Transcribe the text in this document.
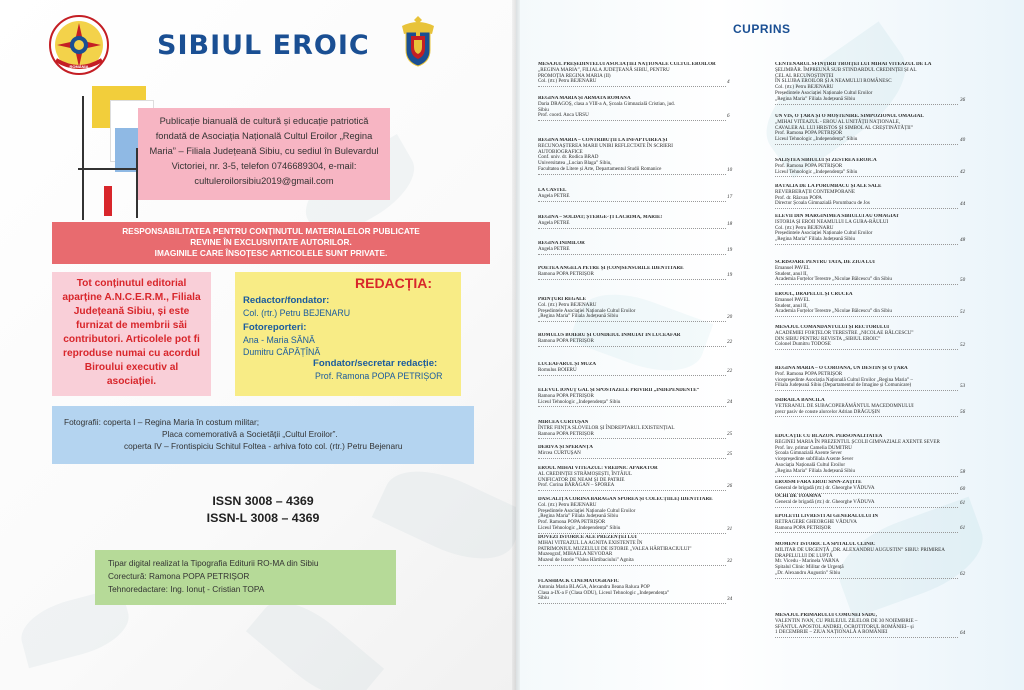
ROMÂNIA
SIBIUL EROIC

Publicație bianuală de cultură și educație patriotică fondată de Asociația Națională Cultul Eroilor „Regina Maria” – Filiala Județeană Sibiu, cu sediul în Bulevardul Victoriei, nr. 3-5, telefon 0746689304, e-mail: cultuleroilorsibiu2019@gmail.com

RESPONSABILITATEA PENTRU CONȚINUTUL MATERIALELOR PUBLICATE
REVINE ÎN EXCLUSIVITATE AUTORILOR.
IMAGINILE CARE ÎNSOȚESC ARTICOLELE SUNT PRIVATE.

Tot conținutul editorial aparține A.N.C.E.R.M., Filiala Județeană Sibiu, și este furnizat de membrii săi contributori. Articolele pot fi reproduse numai cu acordul Biroului executiv al asociației.

REDACȚIA:
Redactor/fondator:
Col. (rtr.) Petru BEJENARU
Fotoreporteri:
Ana - Maria SĂNĂ
Dumitru CĂPĂȚÎNĂ
Fondator/secretar redacție:
Prof. Ramona POPA PETRIȘOR

Fotografii: coperta I – Regina Maria în costum militar;

Placa comemorativă a Societății „Cultul Eroilor”.

coperta IV – Frontispiciu Schitul Foltea - arhiva foto col. (rtr.) Petru Bejenaru

ISSN 3008 – 4369
ISSN-L 3008 – 4369

Tipar digital realizat la Tipografia Editurii RO-MA din Sibiu

Corectură: Ramona POPA PETRIȘOR

Tehnoredactare: Ing. Ionuț - Cristian TOPA

CUPRINS
MESAJUL PREȘEDINTELUI ASOCIAȚIEI NAȚIONALE CULTUL EROILOR
„REGINA MARIA”, FILIALA JUDEȚEANĂ SIBIU, PENTRU
PROMOȚIA REGINA MARIA (II)
Col. (rtr.) Petru BEJENARU	4
REGINA MARIA ȘI ARMATA ROMÂNĂ
Daria DRAGOȘ, clasa a VIII-a A, Școala Gimnazială Cristian, jud.
Sibiu
Prof. coord. Anca URSU	6
REGINA MARIA – CONTRIBUȚII LA ÎNFĂPTUIREA ȘI
RECUNOAȘTEREA MARII UNIRI REFLECTATE ÎN SCRIERI
AUTOBIOGRAFICE
Conf. univ. dr. Rodica BRAD
Universitatea „Lucian Blaga” Sibiu,
Facultatea de Litere și Arte, Departamentul Studii Romanice	10
LA CASTEL
Angela PETRE	17
REGINA – SOLDAT; ȘTERGE-ȚI LACRIMA, MARIE!
Angela PETRE	18
REGINA INIMILOR
Angela PETRE	19
POETEA ANGELA PETRE ȘI (CON)SENSURILE IDENTITARE
Ramona POPA PETRIȘOR	19
PRINȚURI REGALE
Col. (rtr.) Petru BEJENARU
Președintele Asociației Naționale Cultul Eroilor
„Regina Maria” Filiala Județeană Sibiu	20
ROMULUS BOIERU ȘI CONDEIUL ÎNMUIAT ÎN LUCEAFĂR
Ramona POPA PETRIȘOR	22
LUCEAFĂRUL ȘI MUZA
Romulus BOIERU	22
ELEVUL IONUȚ GAL ȘI SPOSTAZELE PRIVIRII „INDEPENDENTE”
Ramona POPA PETRIȘOR
Liceul Tehnologic „Independența” Sibiu	24
MIRCEA CURTUȘAN
ÎNTRE FIINȚA SLOVELOR ȘI ÎNDREPTARUL EXISTENȚIAL
Ramona POPA PETRIȘOR	25
DERIVĂ ȘI SPERANȚĂ
Mircea CURTUȘAN	25
EROUL MIHAI VITEAZUL: VREDNIC APĂRĂTOR
AL CREDINȚEI STRĂMOȘEȘTI, ÎNTÂIUL
UNIFICATOR DE NEAM ȘI DE PATRIE
Prof. Corina BĂRĂGAN – SPOREA	26
DĂSCĂLIȚA CORINA BĂRĂGAN SPOREA ȘI COLECȚIILE) IDENTITARE
Col. (rtr.) Petru BEJENARU
Președintele Asociației Naționale Cultul Eroilor
„Regina Maria” Filiala Județeană Sibiu
Prof. Ramona POPA PETRIȘOR
Liceul Tehnologic „Independența” Sibiu	31
DOVEZI ISTORICE ALE PREZENȚEI LUI
MIHAI VITEAZUL LA AGNITA EXISTENTE ÎN
PATRIMONIUL MUZEULUI DE ISTORIE „VALEA HÂRTIBACIULUI”
Muzeograf, MIHAELA NEVODAR
Muzeul de Istorie "Valea Hârtibaciului" Agnita	32
FLASHBACK CINEMATOGRAFIC
Antonia Maria BLAGA, Alexandra Ileana Raluca POP
Clasa a-IX-a F (Clasa ODU), Liceul Tehnologic „Independența”
Sibiu	34
CENTENARUL SFINȚIRII TROIȚEI LUI MIHAI VITEAZUL DE LA
ȘELIMBĂR. ÎMPREUNĂ SUB STINDARDUL CREDINȚEI ȘI AL
CEL AL RECUNOȘTINȚEI
ÎN SLUJBA EROILOR ȘI A NEAMULUI ROMÂNESC
Col. (rtr.) Petru BEJENARU
Președintele Asociației Naționale Cultul Eroilor
„Regina Maria” Filiala Județeană Sibiu	36
UN VIS, O ȚARĂ ȘI O MOȘTENIRE. SIMPOZIONUL OMAGIAL
„MIHAI VITEAZUL - EROU AL UNITĂȚII NAȚIONALE,
CAVALER AL LUI HRISTOS ȘI SIMBOL AL CREȘTINĂTĂȚII”
Prof. Ramona POPA PETRIȘOR
Liceul Tehnologic „Independența” Sibiu	40
SĂLIȘTEA SIBIULUI ȘI ZESTREA EROICĂ
Prof. Ramona POPA PETRIȘOR
Liceul Tehnologic „Independența” Sibiu	42
BĂTĂLIA DE LA PORUMBACU ȘI ALE SALE
REVERBERAȚII CONTEMPORANE
Prof. dr. Răzvan POPA
Director Școala Gimnazială Porumbacu de Jos	44
ELEVII DIN MĂRGINIMEA SIBIULUI AU OMAGIAT
ISTORIA ȘI EROII NEAMULUI LA GURA-RÂULUI
Col. (rtr.) Petru BEJENARU
Președintele Asociației Naționale Cultul Eroilor
„Regina Maria” Filiala Județeană Sibiu	48
SCRISOARE PENTRU TATA, DE ZIUA LUI
Emanuel PAVEL
Student, anul II,
Academia Forțelor Terestre „Nicolae Bălcescu” din Sibiu	50
EROUL, DRAPELUL ȘI CRUCEA
Emanuel PAVEL
Student, anul II,
Academia Forțelor Terestre „Nicolae Bălcescu” din Sibiu	51
MESAJUL COMANDANTULUI ȘI RECTORULUI
ACADEMIEI FORȚELOR TERESTRE „NICOLAE BĂLCESCU”
DIN SIBIU PENTRU REVISTA „SIBIUL EROIC”
Colonel Dumitru TODOSE	52
REGINA MARIA – O COROANĂ, UN DESTIN ȘI O ȚARĂ
Prof. Ramona POPA PETRIȘOR
vicepreședinte Asociația Națională Cultul Eroilor „Regina Maria” –
Filiala Județeană Sibiu (Departamentul de Imagine și Comunicare)	53
ISDRAILĂ BĂNCILĂ
VETERANUL DE SUBACOPERĂMÂNTUL MACEDOMNULUI
prezr pasiv de conste alorcelor Adrian DRĂGUȘIN	56
EDUCAȚIE CU BLAZON. PERSONALITATEA
REGINEI MARIA ÎN PREZENTUL ȘCOLII GIMNAZIALE AXENTE SEVER
Prof. înv. primar Camelia DUMITRU
Școala Gimnazială Axente Sever
vicepreședinte subfiliala Axente Sever
Asociația Națională Cultul Eroilor
„Regina Maria” Filiala Județeană Sibiu	58
EROISM FĂRĂ EROI! SINN-ZĂȚITE
General de brigadă (rtr.) dr. Gheorghe VĂDUVA	60
OCHI DE TOAMNĂ
General de brigadă (rtr.) dr. Gheorghe VĂDUVA	61
EPOLETII LIVRESTI AI GENERALULUI ÎN
RETRAGERE GHEORGHE VĂDUVA
Ramona POPA PETRIȘOR	61
MOMENT ISTORIC LA SPITALUL CLINIC
MILITAR DE URGENȚĂ „DR. ALEXANDRU AUGUSTIN” SIBIU: PRIMIREA
DRAPELULUI DE LUPTĂ
Mr. Vicedu - Marinela VARNA
Spitalul Clinic Militar de Urgență
„Dr. Alexandru Augustin” Sibiu	62
MESAJUL PRIMARULUI COMUNEI SADU,
VALENTIN IVAN, CU PRILEJUL ZILELOR DE 30 NOIEMBRIE –
SFÂNTUL APOSTOL ANDREI, OCROTITORUL ROMÂNIEI– și
1 DECEMBRIE – ZIUA NAȚIONALĂ A ROMÂNIEI	64
